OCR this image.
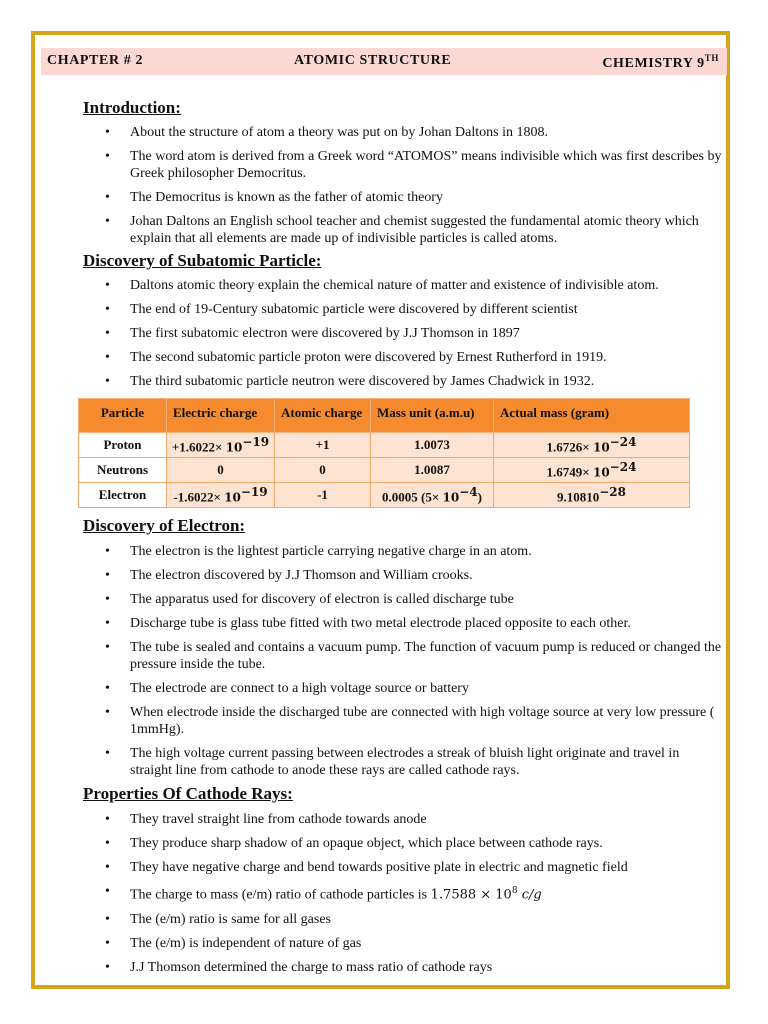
CHAPTER # 2	ATOMIC STRUCTURE	CHEMISTRY 9TH
Introduction:
• About the structure of atom a theory was put on by Johan Daltons in 1808.
• The word atom is derived from a Greek word “ATOMOS” means indivisible which was first describes by Greek philosopher Democritus.
• The Democritus is known as the father of atomic theory
• Johan Daltons an English school teacher and chemist suggested the fundamental atomic theory which explain that all elements are made up of indivisible particles is called atoms.
Discovery of Subatomic Particle:
• Daltons atomic theory explain the chemical nature of matter and existence of indivisible atom.
• The end of 19-Century subatomic particle were discovered by different scientist
• The first subatomic electron were discovered by J.J Thomson in 1897
• The second subatomic particle proton were discovered by Ernest Rutherford in 1919.
• The third subatomic particle neutron were discovered by James Chadwick in 1932.
Particle	Electric charge	Atomic charge	Mass unit (a.m.u)	Actual mass (gram)
Proton	$+1.6022\times 10^{-19}$	+1	1.0073	$1.6726\times 10^{-24}$
Neutrons	0	0	1.0087	$1.6749\times 10^{-24}$
Electron	$-1.6022\times 10^{-19}$	-1	0.0005 $(5\times 10^{-4})$	$9.10810^{-28}$
Discovery of Electron:
• The electron is the lightest particle carrying negative charge in an atom.
• The electron discovered by J.J Thomson and William crooks.
• The apparatus used for discovery of electron is called discharge tube
• Discharge tube is glass tube fitted with two metal electrode placed opposite to each other.
• The tube is sealed and contains a vacuum pump. The function of vacuum pump is reduced or changed the pressure inside the tube.
• The electrode are connect to a high voltage source or battery
• When electrode inside the discharged tube are connected with high voltage source at very low pressure ( 1mmHg).
• The high voltage current passing between electrodes a streak of bluish light originate and travel in straight line from cathode to anode these rays are called cathode rays.
Properties Of Cathode Rays:
• They travel straight line from cathode towards anode
• They produce sharp shadow of an opaque object, which place between cathode rays.
• They have negative charge and bend towards positive plate in electric and magnetic field
• The charge to mass (e/m) ratio of cathode particles is $1.7588 \times 10^8$ c/g
• The (e/m) ratio is same for all gases
• The (e/m) is independent of nature of gas
• J.J Thomson determined the charge to mass ratio of cathode rays
